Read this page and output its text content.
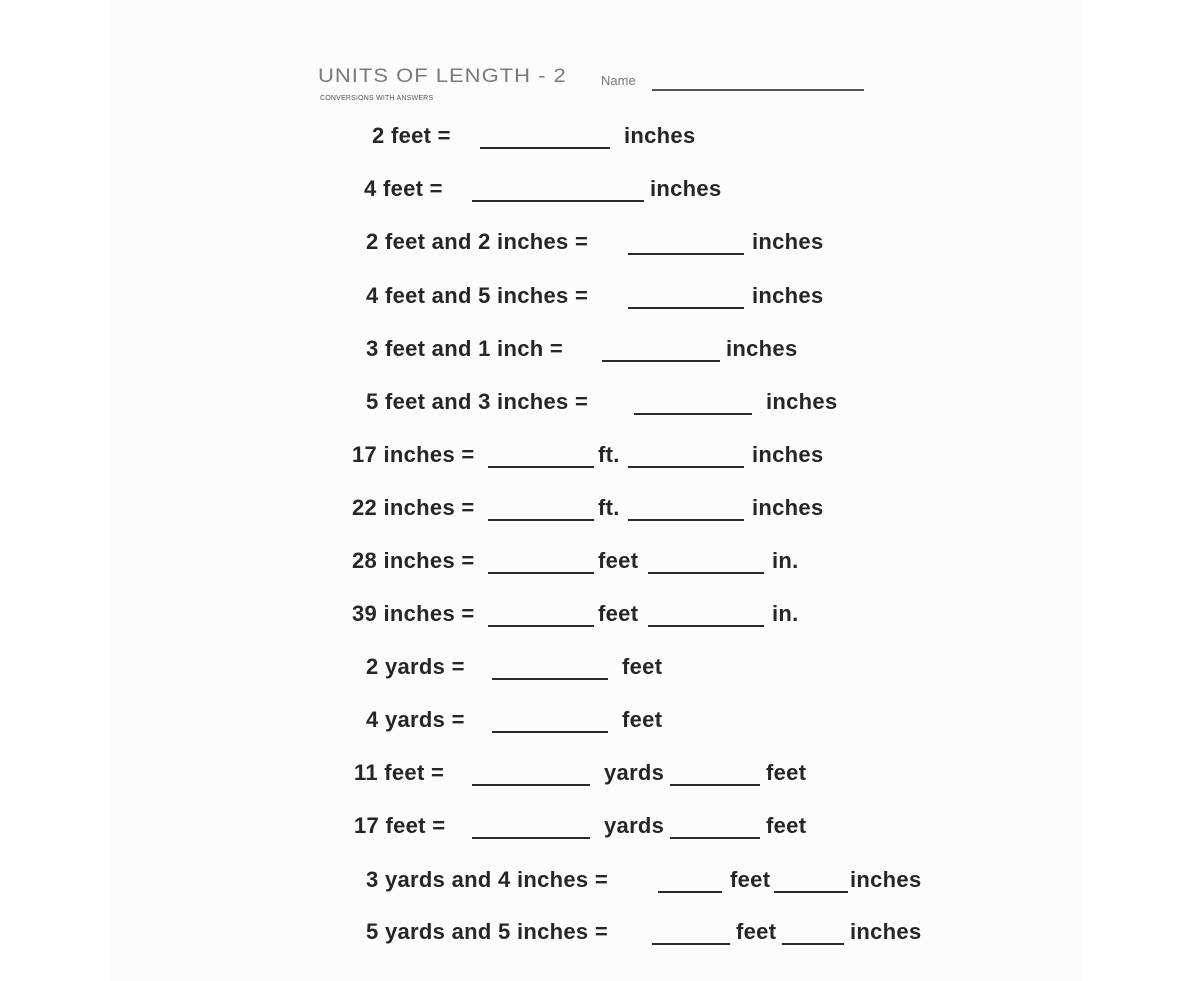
UNITS OF LENGTH - 2
CONVERSIONS WITH ANSWERS
Name
2 feet =	inches
4 feet =	inches
2 feet and 2 inches =	inches
4 feet and 5 inches =	inches
3 feet and 1 inch =	inches
5 feet and 3 inches =	inches
17 inches =	ft.	inches
22 inches =	ft.	inches
28 inches =	feet	in.
39 inches =	feet	in.
2 yards =	feet
4 yards =	feet
11 feet =	yards	feet
17 feet =	yards	feet
3 yards and 4 inches =	feet	inches
5 yards and 5 inches =	feet	inches
